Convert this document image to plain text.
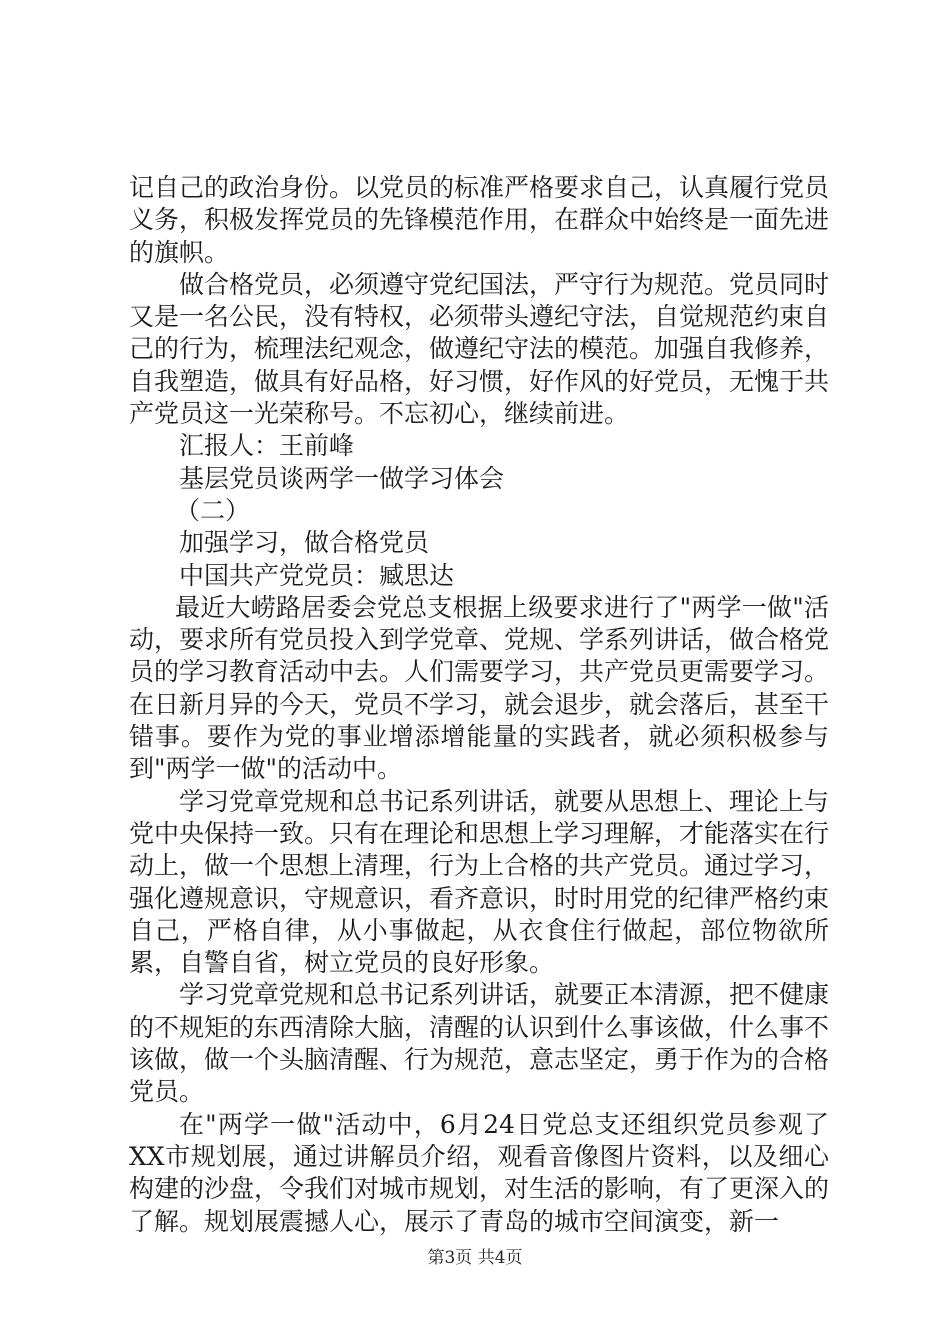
记自己的政治身份。以党员的标准严格要求自己，认真履行党员义务，积极发挥党员的先锋模范作用，在群众中始终是一面先进的旗帜。

做合格党员，必须遵守党纪国法，严守行为规范。党员同时又是一名公民，没有特权，必须带头遵纪守法，自觉规范约束自己的行为，梳理法纪观念，做遵纪守法的模范。加强自我修养，自我塑造，做具有好品格，好习惯，好作风的好党员，无愧于共产党员这一光荣称号。不忘初心，继续前进。

汇报人：王前峰

基层党员谈两学一做学习体会

（二）

加强学习，做合格党员

中国共产党党员：臧思达

最近大崂路居委会党总支根据上级要求进行了"两学一做"活动，要求所有党员投入到学党章、党规、学系列讲话，做合格党员的学习教育活动中去。人们需要学习，共产党员更需要学习。在日新月异的今天，党员不学习，就会退步，就会落后，甚至干错事。要作为党的事业增添增能量的实践者，就必须积极参与到"两学一做"的活动中。

学习党章党规和总书记系列讲话，就要从思想上、理论上与党中央保持一致。只有在理论和思想上学习理解，才能落实在行动上，做一个思想上清理，行为上合格的共产党员。通过学习，强化遵规意识，守规意识，看齐意识，时时用党的纪律严格约束自己，严格自律，从小事做起，从衣食住行做起，部位物欲所累，自警自省，树立党员的良好形象。

学习党章党规和总书记系列讲话，就要正本清源，把不健康的不规矩的东西清除大脑，清醒的认识到什么事该做，什么事不该做，做一个头脑清醒、行为规范，意志坚定，勇于作为的合格党员。

在"两学一做"活动中，6月24日党总支还组织党员参观了XX市规划展，通过讲解员介绍，观看音像图片资料，以及细心构建的沙盘，令我们对城市规划，对生活的影响，有了更深入的了解。规划展震撼人心，展示了青岛的城市空间演变，新一

第3页 共4页
